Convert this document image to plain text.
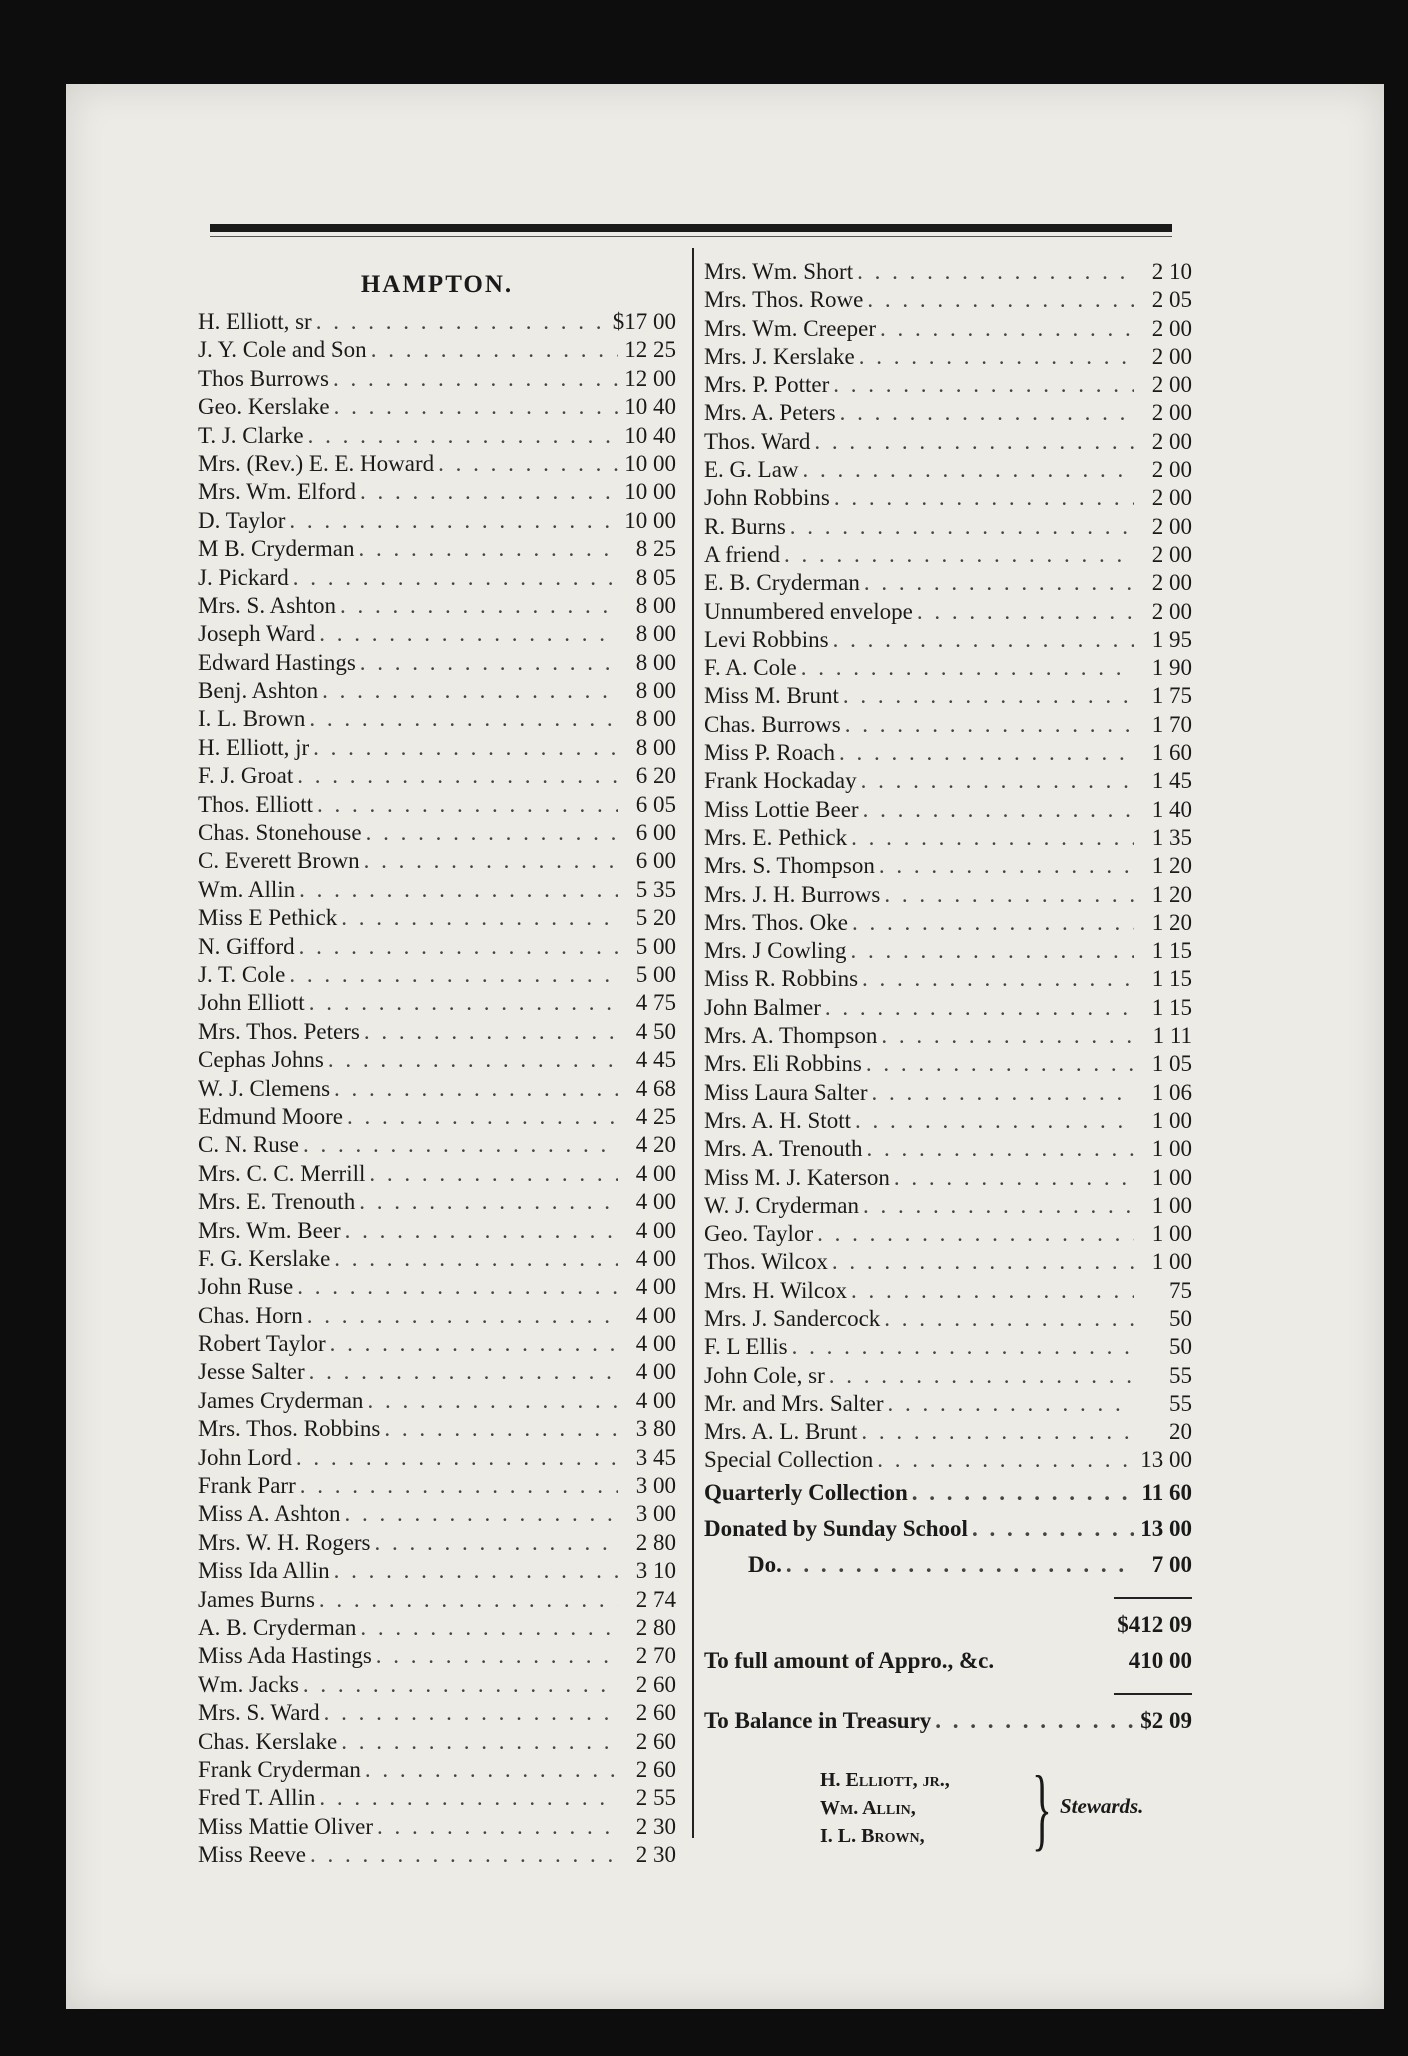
HAMPTON.
H. Elliott, sr . . .	$17 00
J. Y. Cole and Son . . .	12 25
Thos Burrows . . .	12 00
Geo. Kerslake . . .	10 40
T. J. Clarke . . .	10 40
Mrs. (Rev.) E. E. Howard . . .	10 00
Mrs. Wm. Elford . . .	10 00
D. Taylor . . .	10 00
M B. Cryderman . . .	8 25
J. Pickard . . .	8 05
Mrs. S. Ashton . . .	8 00
Joseph Ward . . .	8 00
Edward Hastings . . .	8 00
Benj. Ashton . . .	8 00
I. L. Brown . . .	8 00
H. Elliott, jr . . .	8 00
F. J. Groat . . .	6 20
Thos. Elliott . . .	6 05
Chas. Stonehouse . . .	6 00
C. Everett Brown . . .	6 00
Wm. Allin . . .	5 35
Miss E Pethick . . .	5 20
N. Gifford . . .	5 00
J. T. Cole . . .	5 00
John Elliott . . .	4 75
Mrs. Thos. Peters . . .	4 50
Cephas Johns . . .	4 45
W. J. Clemens . . .	4 68
Edmund Moore . . .	4 25
C. N. Ruse . . .	4 20
Mrs. C. C. Merrill . . .	4 00
Mrs. E. Trenouth . . .	4 00
Mrs. Wm. Beer . . .	4 00
F. G. Kerslake . . .	4 00
John Ruse . . .	4 00
Chas. Horn . . .	4 00
Robert Taylor . . .	4 00
Jesse Salter . . .	4 00
James Cryderman . . .	4 00
Mrs. Thos. Robbins . . .	3 80
John Lord . . .	3 45
Frank Parr . . .	3 00
Miss A. Ashton . . .	3 00
Mrs. W. H. Rogers . . .	2 80
Miss Ida Allin . . .	3 10
James Burns . . .	2 74
A. B. Cryderman . . .	2 80
Miss Ada Hastings . . .	2 70
Wm. Jacks . . .	2 60
Mrs. S. Ward . . .	2 60
Chas. Kerslake . . .	2 60
Frank Cryderman . . .	2 60
Fred T. Allin . . .	2 55
Miss Mattie Oliver . . .	2 30
Miss Reeve . . .	2 30
Mrs. Wm. Short . . .	2 10
Mrs. Thos. Rowe . . .	2 05
Mrs. Wm. Creeper . . .	2 00
Mrs. J. Kerslake . . .	2 00
Mrs. P. Potter . . .	2 00
Mrs. A. Peters . . .	2 00
Thos. Ward . . .	2 00
E. G. Law . . .	2 00
John Robbins . . .	2 00
R. Burns . . .	2 00
A friend . . .	2 00
E. B. Cryderman . . .	2 00
Unnumbered envelope . . .	2 00
Levi Robbins . . .	1 95
F. A. Cole . . .	1 90
Miss M. Brunt . . .	1 75
Chas. Burrows . . .	1 70
Miss P. Roach . . .	1 60
Frank Hockaday . . .	1 45
Miss Lottie Beer . . .	1 40
Mrs. E. Pethick . . .	1 35
Mrs. S. Thompson . . .	1 20
Mrs. J. H. Burrows . . .	1 20
Mrs. Thos. Oke . . .	1 20
Mrs. J Cowling . . .	1 15
Miss R. Robbins . . .	1 15
John Balmer . . .	1 15
Mrs. A. Thompson . . .	1 11
Mrs. Eli Robbins . . .	1 05
Miss Laura Salter . . .	1 06
Mrs. A. H. Stott . . .	1 00
Mrs. A. Trenouth . . .	1 00
Miss M. J. Katerson . . .	1 00
W. J. Cryderman . . .	1 00
Geo. Taylor . . .	1 00
Thos. Wilcox . . .	1 00
Mrs. H. Wilcox . . .	75
Mrs. J. Sandercock . . .	50
F. L Ellis . . .	50
John Cole, sr . . .	55
Mr. and Mrs. Salter . . .	55
Mrs. A. L. Brunt . . .	20
Special Collection . . .	13 00
Quarterly Collection . . .	11 60
Donated by Sunday School . . .	13 00
Do. . . .	7 00
$412 09
To full amount of Appro., &c.	410 00
To Balance in Treasury . . .	$2 09
H. Elliott, jr.,
Wm. Allin,
I. L. Brown, } Stewards.
